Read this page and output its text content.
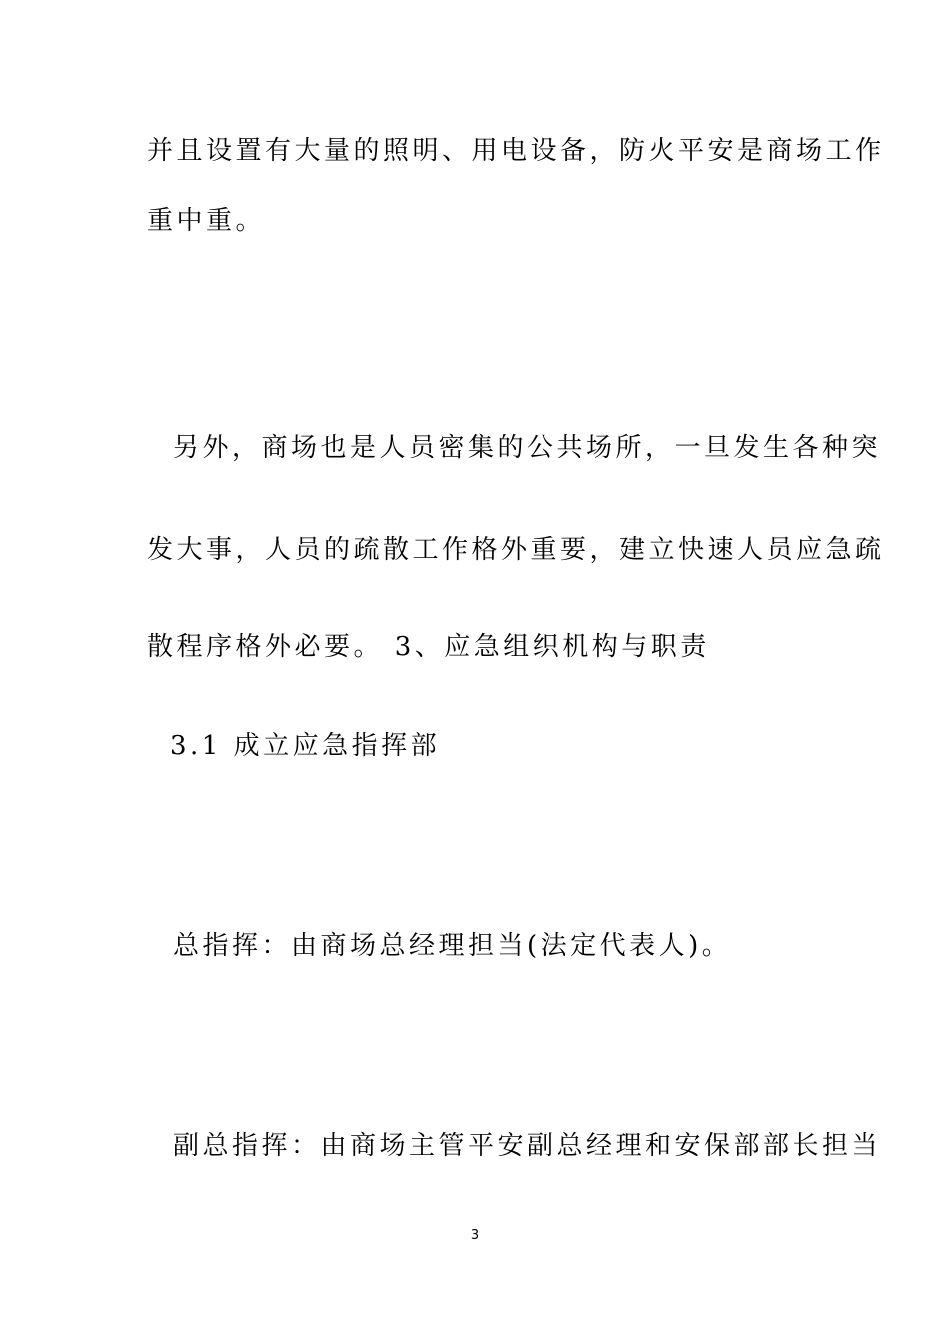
并且设置有大量的照明、用电设备，防火平安是商场工作
重中重。
另外，商场也是人员密集的公共场所，一旦发生各种突
发大事，人员的疏散工作格外重要，建立快速人员应急疏
散程序格外必要。 3、应急组织机构与职责
3.1 成立应急指挥部
总指挥：由商场总经理担当(法定代表人)。
副总指挥：由商场主管平安副总经理和安保部部长担当
3
